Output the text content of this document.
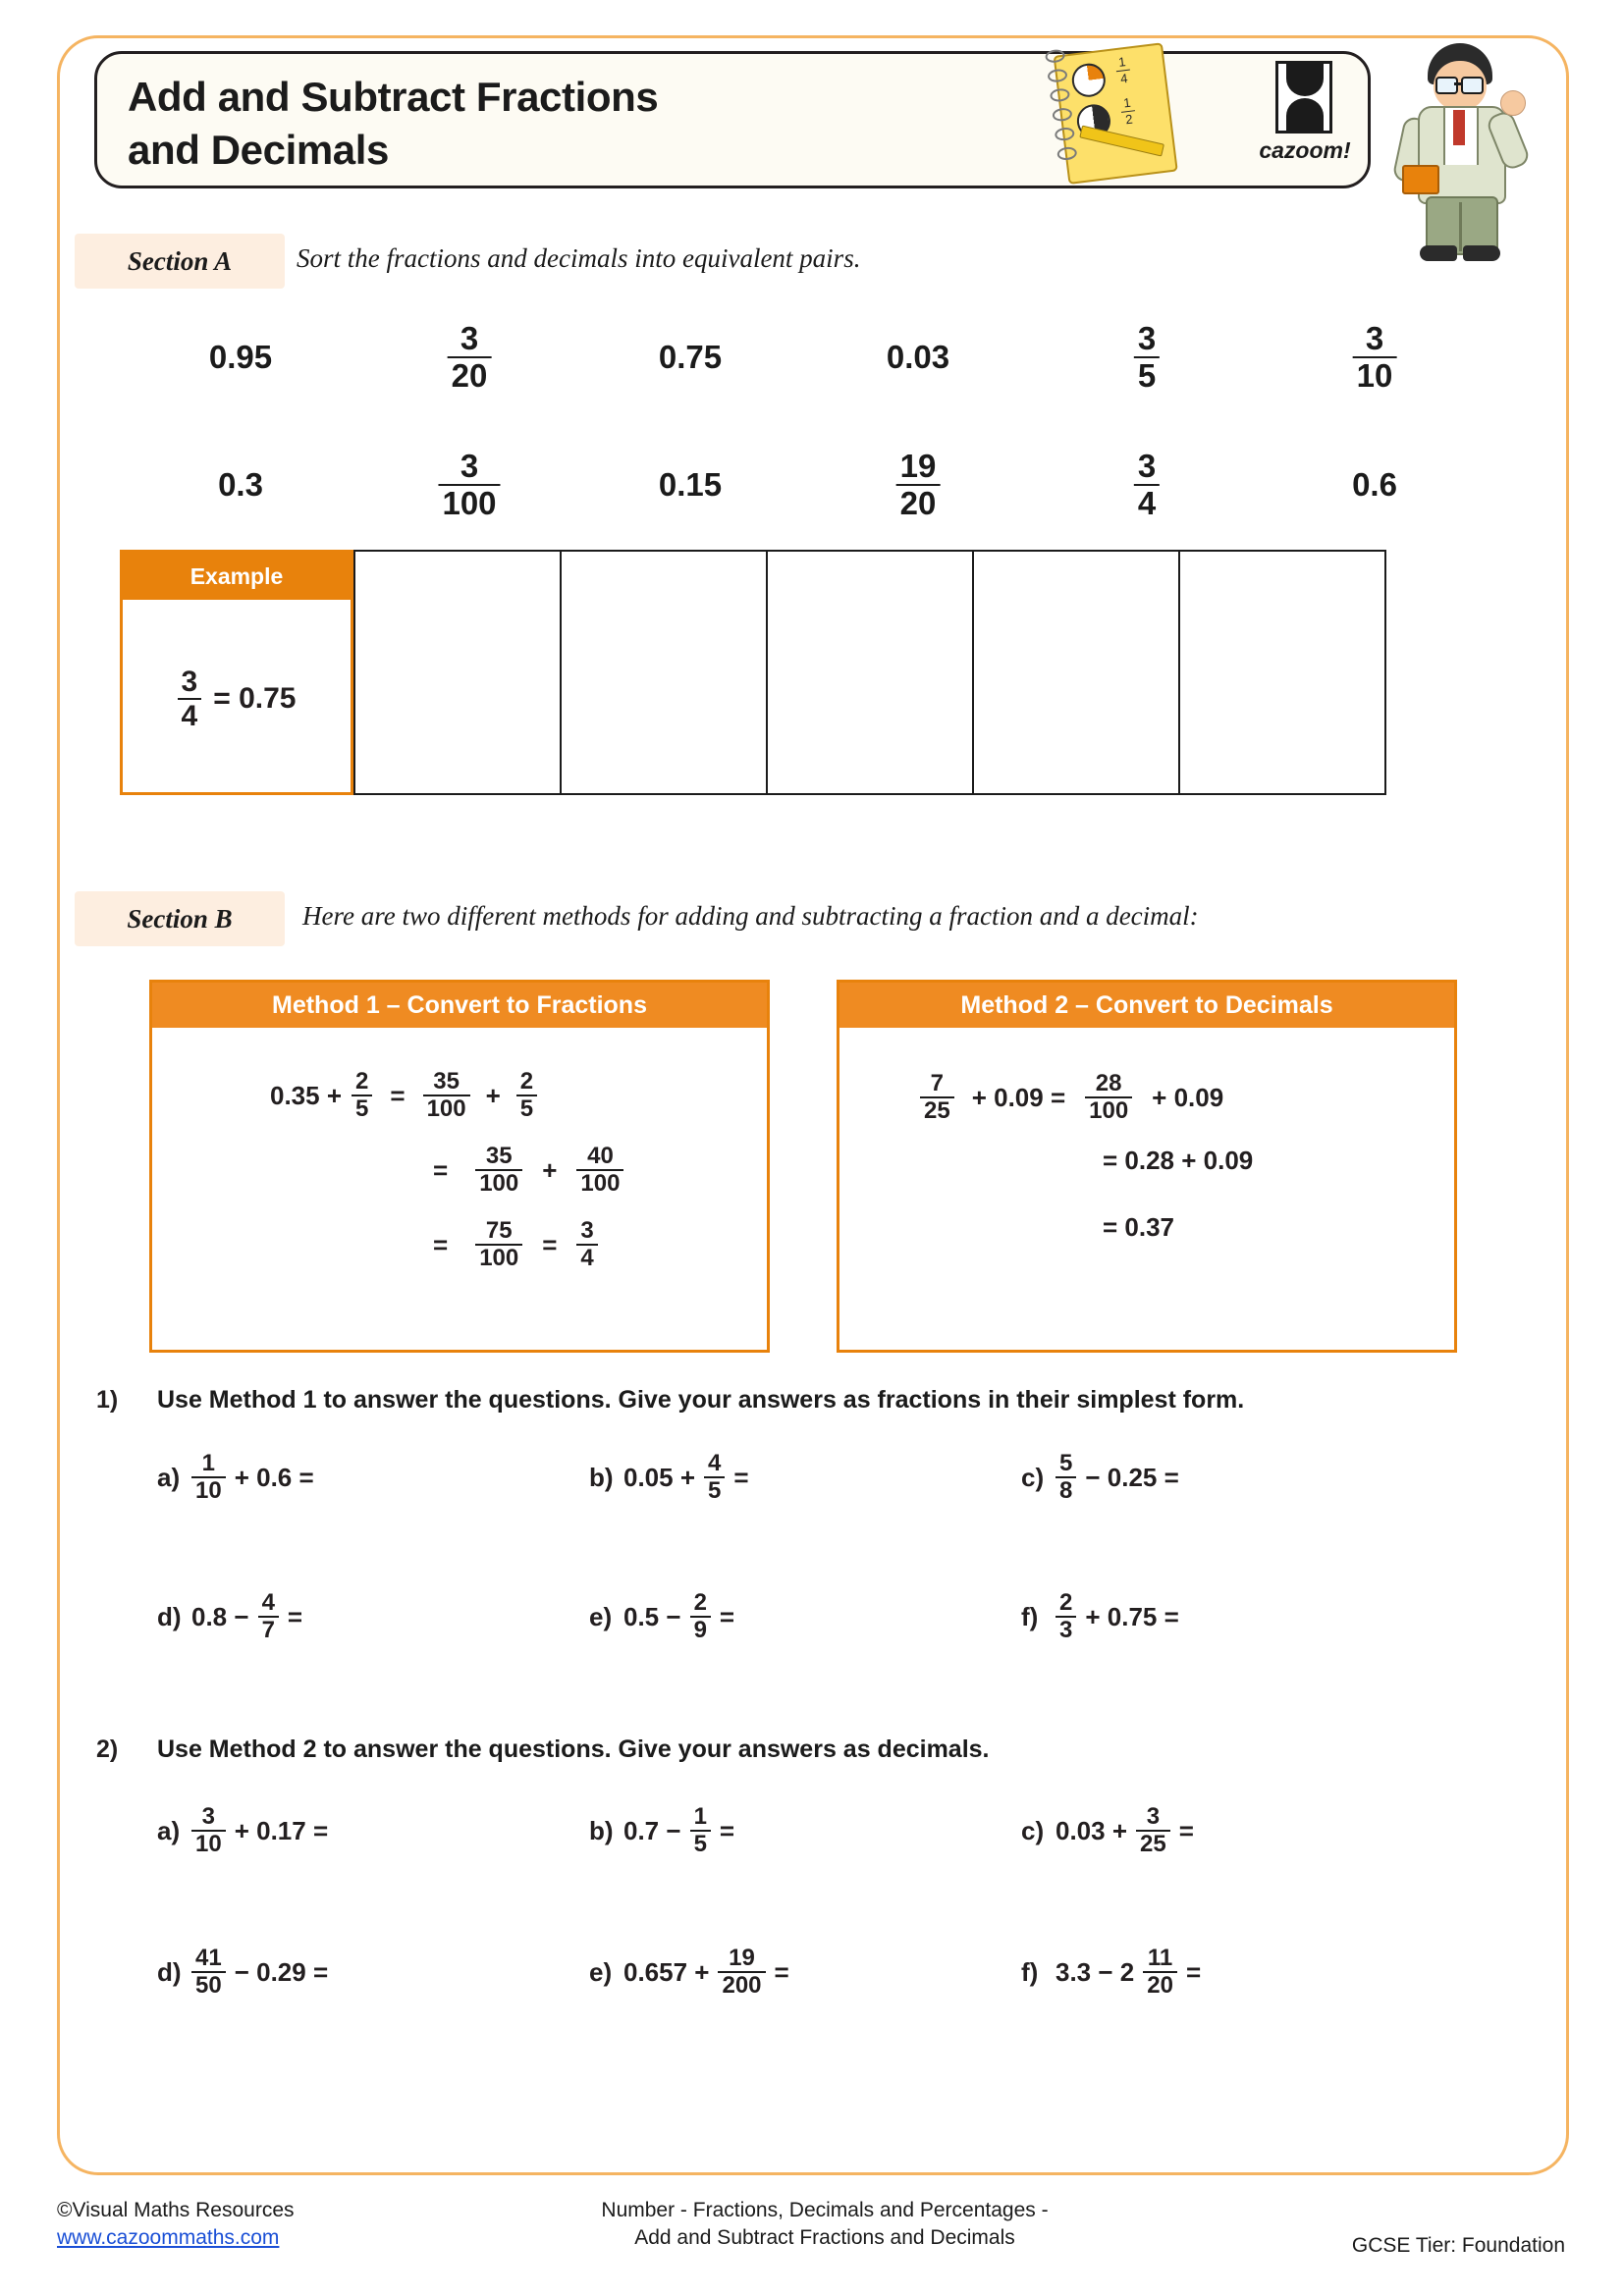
Add and Subtract Fractions
and Decimals
1
4
1
2
cazoom!
Section A Sort the fractions and decimals into equivalent pairs.
0.95	$\frac{3}{20}$	0.75	0.03	$\frac{3}{5}$	$\frac{3}{10}$
0.3	$\frac{3}{100}$	0.15	$\frac{19}{20}$	$\frac{3}{4}$	0.6
Example
$\frac{3}{4} = 0.75$
Section B	Here are two different methods for adding and subtracting a fraction and a decimal:
Method 1 – Convert to Fractions
$0.35 + \frac{2}{5} = \frac{35}{100} + \frac{2}{5}$
= $\frac{35}{100} + \frac{40}{100}$
= $\frac{75}{100} = \frac{3}{4}$
Method 2 – Convert to Decimals
$\frac{7}{25} + 0.09 = \frac{28}{100} + 0.09$
= 0.28 + 0.09
= 0.37
1) Use Method 1 to answer the questions. Give your answers as fractions in their simplest form.
$a) \frac{1}{10} + 0.6$ =	b) $0.05 + \frac{4}{5}$ =	$c) \frac{5}{8} - 0.25$ =
d) $0.8 - \frac{4}{7}$ =	e) $0.5 - \frac{2}{9}$ =	$f) \frac{2}{3} + 0.75$ =
2) Use Method 2 to answer the questions. Give your answers as decimals.
$a) \frac{3}{10} + 0.17$ =	b) $0.7 - \frac{1}{5}$ =	c) $0.03 + \frac{3}{25}$ =
$d) \frac{41}{50} - 0.29$ =	e) $0.657 + \frac{19}{200}$ =	f) $3.3 - 2 \frac{11}{20}$ =
©Visual Maths Resources
www.cazoommaths.com
Number - Fractions, Decimals and Percentages -
Add and Subtract Fractions and Decimals	GCSE Tier: Foundation
